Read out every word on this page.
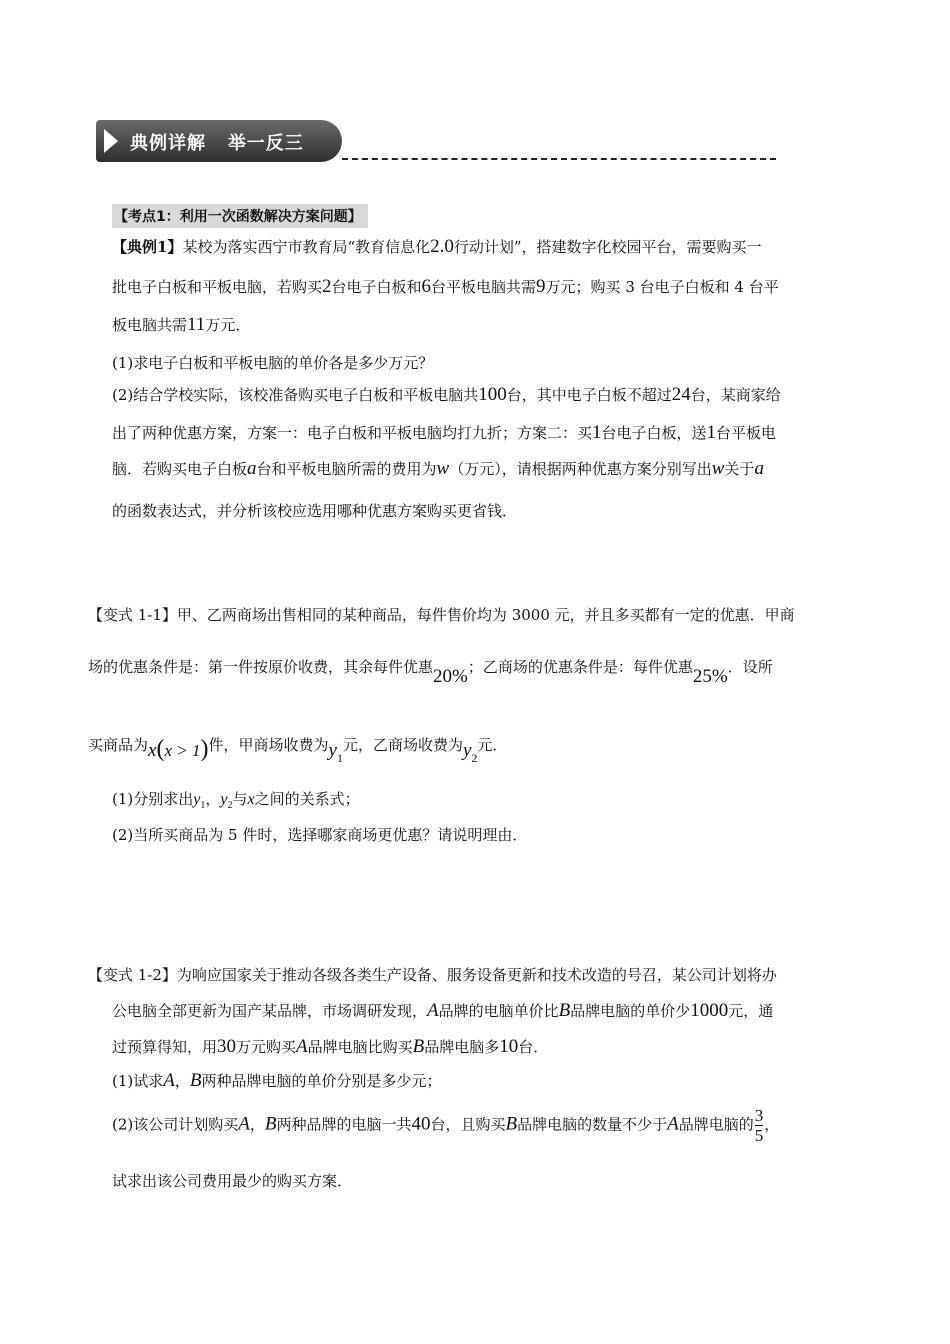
典例详解 举一反三
【考点1：利用一次函数解决方案问题】
【典例1】某校为落实西宁市教育局“教育信息化2.0行动计划”，搭建数字化校园平台，需要购买一
批电子白板和平板电脑，若购买2台电子白板和6台平板电脑共需9万元；购买 3 台电子白板和 4 台平
板电脑共需11万元．
(1)求电子白板和平板电脑的单价各是多少万元？
(2)结合学校实际，该校准备购买电子白板和平板电脑共100台，其中电子白板不超过24台，某商家给
出了两种优惠方案，方案一：电子白板和平板电脑均打九折；方案二：买1台电子白板，送1台平板电
脑．若购买电子白板a台和平板电脑所需的费用为w（万元），请根据两种优惠方案分别写出w关于a
的函数表达式，并分析该校应选用哪种优惠方案购买更省钱．
【变式 1-1】甲、乙两商场出售相同的某种商品，每件售价均为 3000 元，并且多买都有一定的优惠．甲商
场的优惠条件是：第一件按原价收费，其余每件优惠20%；乙商场的优惠条件是：每件优惠25%．设所
买商品为x(x > 1)件，甲商场收费为$y_1$元，乙商场收费为$y_2$元．
(1)分别求出$y_1$，$y_2$与x之间的关系式；
(2)当所买商品为 5 件时，选择哪家商场更优惠？请说明理由．
【变式 1-2】为响应国家关于推动各级各类生产设备、服务设备更新和技术改造的号召，某公司计划将办
公电脑全部更新为国产某品牌，市场调研发现，A品牌的电脑单价比B品牌电脑的单价少1000元，通
过预算得知，用30万元购买A品牌电脑比购买B品牌电脑多10台．
(1)试求A，B两种品牌电脑的单价分别是多少元；
(2)该公司计划购买A，B两种品牌的电脑一共40台，且购买B品牌电脑的数量不少于A品牌电脑的 $\frac{3}{5}$ ，
试求出该公司费用最少的购买方案．
